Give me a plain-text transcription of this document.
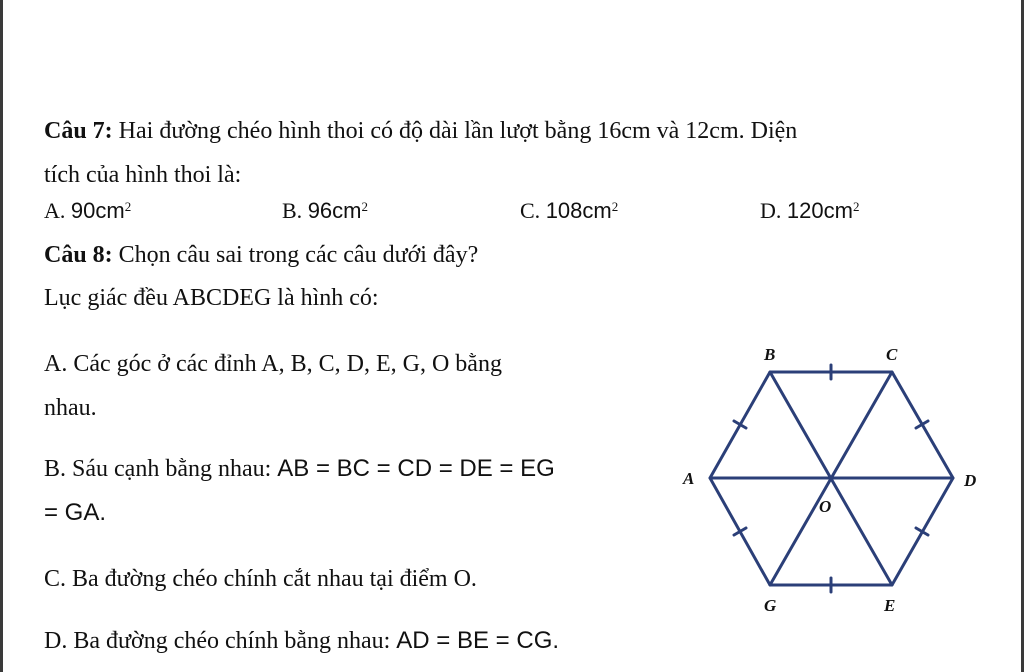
Câu 7: Hai đường chéo hình thoi có độ dài lần lượt bằng 16cm và 12cm. Diện
tích của hình thoi là:
A. $90cm^2$	B. $96cm^2$	C. $108cm^2$	D. $120cm^2$
Câu 8: Chọn câu sai trong các câu dưới đây?
Lục giác đều ABCDEG là hình có:
A. Các góc ở các đỉnh A, B, C, D, E, G, O bằng
nhau.
B. Sáu cạnh bằng nhau: AB = BC = CD = DE = EG
= GA.
C. Ba đường chéo chính cắt nhau tại điểm O.
D. Ba đường chéo chính bằng nhau: AD = BE = CG.
B	C
A	D
O
G	E
